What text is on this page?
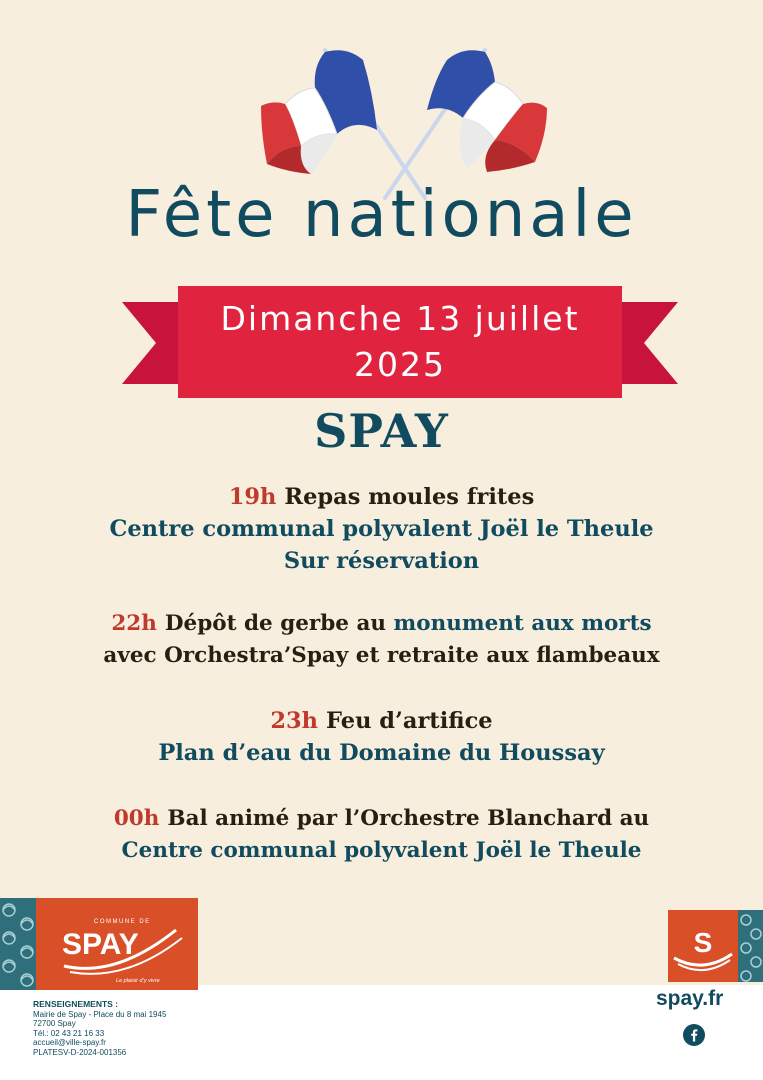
Fête nationale
Dimanche 13 juillet
2025
SPAY
19h Repas moules frites
Centre communal polyvalent Joël le Theule
Sur réservation
22h Dépôt de gerbe au monument aux morts
avec Orchestra’Spay et retraite aux flambeaux
23h Feu d’artifice
Plan d’eau du Domaine du Houssay
00h Bal animé par l’Orchestre Blanchard au
Centre communal polyvalent Joël le Theule
COMMUNE DE
SPAY
Le plaisir d’y vivre
S
RENSEIGNEMENTS :
Mairie de Spay - Place du 8 mai 1945
72700 Spay
Tél.: 02 43 21 16 33
accueil@ville-spay.fr
PLATESV-D-2024-001356
spay.fr
